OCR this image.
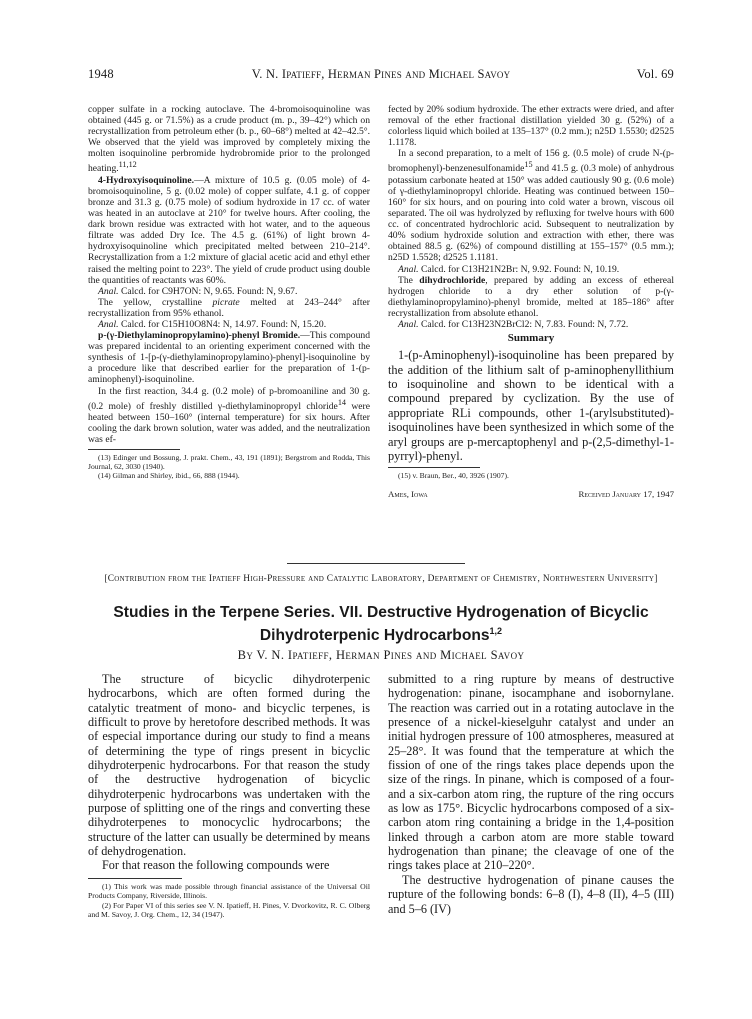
1948	V. N. Ipatieff, Herman Pines and Michael Savoy	Vol. 69

copper sulfate in a rocking autoclave. The 4-bromoisoquinoline was obtained (445 g. or 71.5%) as a crude product (m. p., 39–42°) which on recrystallization from petroleum ether (b. p., 60–68°) melted at 42–42.5°. We observed that the yield was improved by completely mixing the molten isoquinoline perbromide hydrobromide prior to the prolonged heating.$^{11,12}$

4-Hydroxyisoquinoline.—A mixture of 10.5 g. (0.05 mole) of 4-bromoisoquinoline, 5 g. (0.02 mole) of copper sulfate, 4.1 g. of copper bronze and 31.3 g. (0.75 mole) of sodium hydroxide in 17 cc. of water was heated in an autoclave at 210° for twelve hours. After cooling, the dark brown residue was extracted with hot water, and to the aqueous filtrate was added Dry Ice. The 4.5 g. (61%) of light brown 4-hydroxyisoquinoline which precipitated melted between 210–214°. Recrystallization from a 1:2 mixture of glacial acetic acid and ethyl ether raised the melting point to 223°. The yield of crude product using double the quantities of reactants was 60%.

Anal. Calcd. for C9H7ON: N, 9.65. Found: N, 9.67.

The yellow, crystalline picrate melted at 243–244° after recrystallization from 95% ethanol.

Anal. Calcd. for C15H10O8N4: N, 14.97. Found: N, 15.20.

p-(γ-Diethylaminopropylamino)-phenyl Bromide.—This compound was prepared incidental to an orienting experiment concerned with the synthesis of 1-[p-(γ-diethylaminopropylamino)-phenyl]-isoquinoline by a procedure like that described earlier for the preparation of 1-(p-aminophenyl)-isoquinoline.

In the first reaction, 34.4 g. (0.2 mole) of p-bromoaniline and 30 g. (0.2 mole) of freshly distilled γ-diethylaminopropyl chloride$^{14}$ were heated between 150–160° (internal temperature) for six hours. After cooling the dark brown solution, water was added, and the neutralization was ef-

(13) Edinger und Bossung, J. prakt. Chem., 43, 191 (1891); Bergstrom and Rodda, This Journal, 62, 3030 (1940).

(14) Gilman and Shirley, ibid., 66, 888 (1944).

fected by 20% sodium hydroxide. The ether extracts were dried, and after removal of the ether fractional distillation yielded 30 g. (52%) of a colorless liquid which boiled at 135–137° (0.2 mm.); n25D 1.5530; d2525 1.1178.

In a second preparation, to a melt of 156 g. (0.5 mole) of crude N-(p-bromophenyl)-benzenesulfonamide$^{15}$ and 41.5 g. (0.3 mole) of anhydrous potassium carbonate heated at 150° was added cautiously 90 g. (0.6 mole) of γ-diethylaminopropyl chloride. Heating was continued between 150–160° for six hours, and on pouring into cold water a brown, viscous oil separated. The oil was hydrolyzed by refluxing for twelve hours with 600 cc. of concentrated hydrochloric acid. Subsequent to neutralization by 40% sodium hydroxide solution and extraction with ether, there was obtained 88.5 g. (62%) of compound distilling at 155–157° (0.5 mm.); n25D 1.5528; d2525 1.1181.

Anal. Calcd. for C13H21N2Br: N, 9.92. Found: N, 10.19.

The dihydrochloride, prepared by adding an excess of ethereal hydrogen chloride to a dry ether solution of p-(γ-diethylaminopropylamino)-phenyl bromide, melted at 185–186° after recrystallization from absolute ethanol.

Anal. Calcd. for C13H23N2BrCl2: N, 7.83. Found: N, 7.72.

Summary

1-(p-Aminophenyl)-isoquinoline has been prepared by the addition of the lithium salt of p-aminophenyllithium to isoquinoline and shown to be identical with a compound prepared by cyclization. By the use of appropriate RLi compounds, other 1-(arylsubstituted)-isoquinolines have been synthesized in which some of the aryl groups are p-mercaptophenyl and p-(2,5-dimethyl-1-pyrryl)-phenyl.

(15) v. Braun, Ber., 40, 3926 (1907).

Ames, Iowa	Received January 17, 1947
[Contribution from the Ipatieff High-Pressure and Catalytic Laboratory, Department of Chemistry, Northwestern University]
Studies in the Terpene Series. VII. Destructive Hydrogenation of Bicyclic
Dihydroterpenic Hydrocarbons$^{1,2}$
By V. N. Ipatieff, Herman Pines and Michael Savoy

The structure of bicyclic dihydroterpenic hydrocarbons, which are often formed during the catalytic treatment of mono- and bicyclic terpenes, is difficult to prove by heretofore described methods. It was of especial importance during our study to find a means of determining the type of rings present in bicyclic dihydroterpenic hydrocarbons. For that reason the study of the destructive hydrogenation of bicyclic dihydroterpenic hydrocarbons was undertaken with the purpose of splitting one of the rings and converting these dihydroterpenes to monocyclic hydrocarbons; the structure of the latter can usually be determined by means of dehydrogenation.

For that reason the following compounds were

(1) This work was made possible through financial assistance of the Universal Oil Products Company, Riverside, Illinois.

(2) For Paper VI of this series see V. N. Ipatieff, H. Pines, V. Dvorkovitz, R. C. Olberg and M. Savoy, J. Org. Chem., 12, 34 (1947).

submitted to a ring rupture by means of destructive hydrogenation: pinane, isocamphane and isobornylane. The reaction was carried out in a rotating autoclave in the presence of a nickel-kieselguhr catalyst and under an initial hydrogen pressure of 100 atmospheres, measured at 25–28°. It was found that the temperature at which the fission of one of the rings takes place depends upon the size of the rings. In pinane, which is composed of a four- and a six-carbon atom ring, the rupture of the ring occurs as low as 175°. Bicyclic hydrocarbons composed of a six-carbon atom ring containing a bridge in the 1,4-position linked through a carbon atom are more stable toward hydrogenation than pinane; the cleavage of one of the rings takes place at 210–220°.

The destructive hydrogenation of pinane causes the rupture of the following bonds: 6–8 (I), 4–8 (II), 4–5 (III) and 5–6 (IV)
